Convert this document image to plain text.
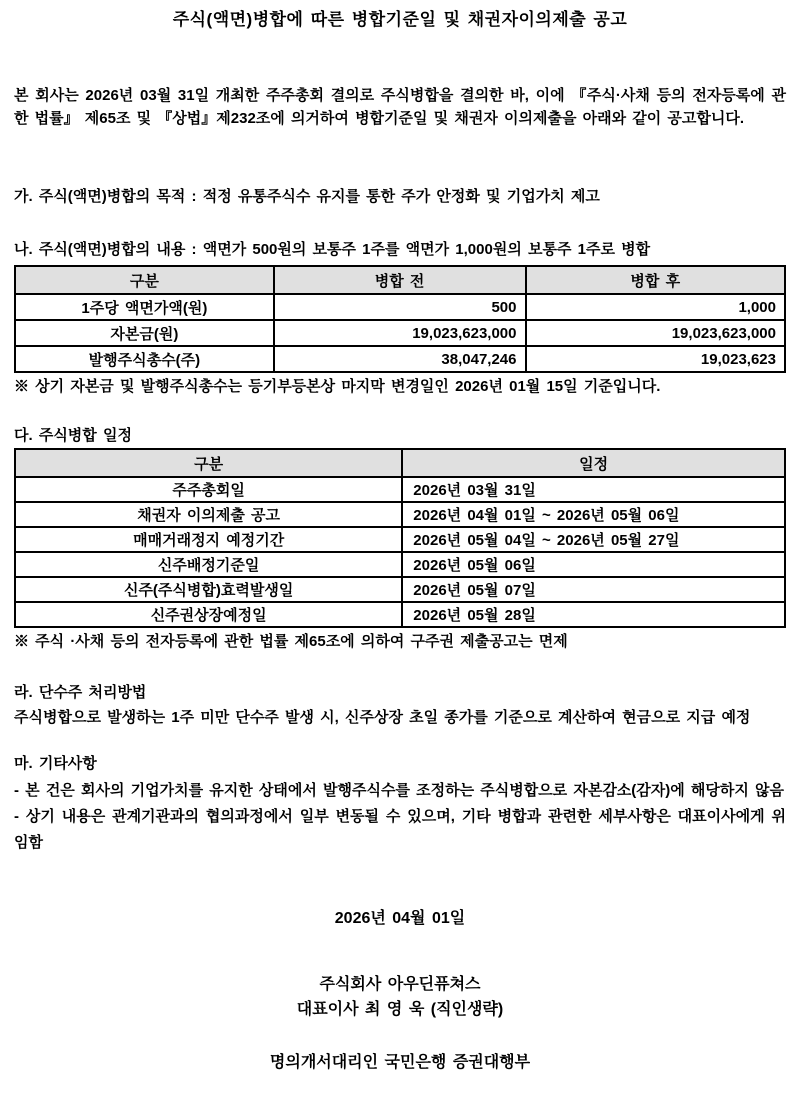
주식(액면)병합에 따른 병합기준일 및 채권자이의제출 공고

본 회사는 2026년 03월 31일 개최한 주주총회 결의로 주식병합을 결의한 바, 이에 『주식·사채 등의 전자등록에 관한 법률』 제65조 및 『상법』제232조에 의거하여 병합기준일 및 채권자 이의제출을 아래와 같이 공고합니다.

가. 주식(액면)병합의 목적 : 적정 유통주식수 유지를 통한 주가 안정화 및 기업가치 제고

나. 주식(액면)병합의 내용 : 액면가 500원의 보통주 1주를 액면가 1,000원의 보통주 1주로 병합

구분	병합 전	병합 후
1주당 액면가액(원)	500	1,000
자본금(원)	19,023,623,000	19,023,623,000
발행주식총수(주)	38,047,246	19,023,623

※ 상기 자본금 및 발행주식총수는 등기부등본상 마지막 변경일인 2026년 01월 15일 기준입니다.

다. 주식병합 일정

구분	일정
주주총회일	2026년 03월 31일
채권자 이의제출 공고	2026년 04월 01일 ~ 2026년 05월 06일
매매거래정지 예정기간	2026년 05월 04일 ~ 2026년 05월 27일
신주배정기준일	2026년 05월 06일
신주(주식병합)효력발생일	2026년 05월 07일
신주권상장예정일	2026년 05월 28일

※ 주식 ·사채 등의 전자등록에 관한 법률 제65조에 의하여 구주권 제출공고는 면제

라. 단수주 처리방법

주식병합으로 발생하는 1주 미만 단수주 발생 시, 신주상장 초일 종가를 기준으로 계산하여 현금으로 지급 예정

마. 기타사항

- 본 건은 회사의 기업가치를 유지한 상태에서 발행주식수를 조정하는 주식병합으로 자본감소(감자)에 해당하지 않음

- 상기 내용은 관계기관과의 협의과정에서 일부 변동될 수 있으며, 기타 병합과 관련한 세부사항은 대표이사에게 위임함

2026년 04월 01일

주식회사 아우딘퓨쳐스
대표이사 최 영 욱 (직인생략)

명의개서대리인 국민은행 증권대행부
